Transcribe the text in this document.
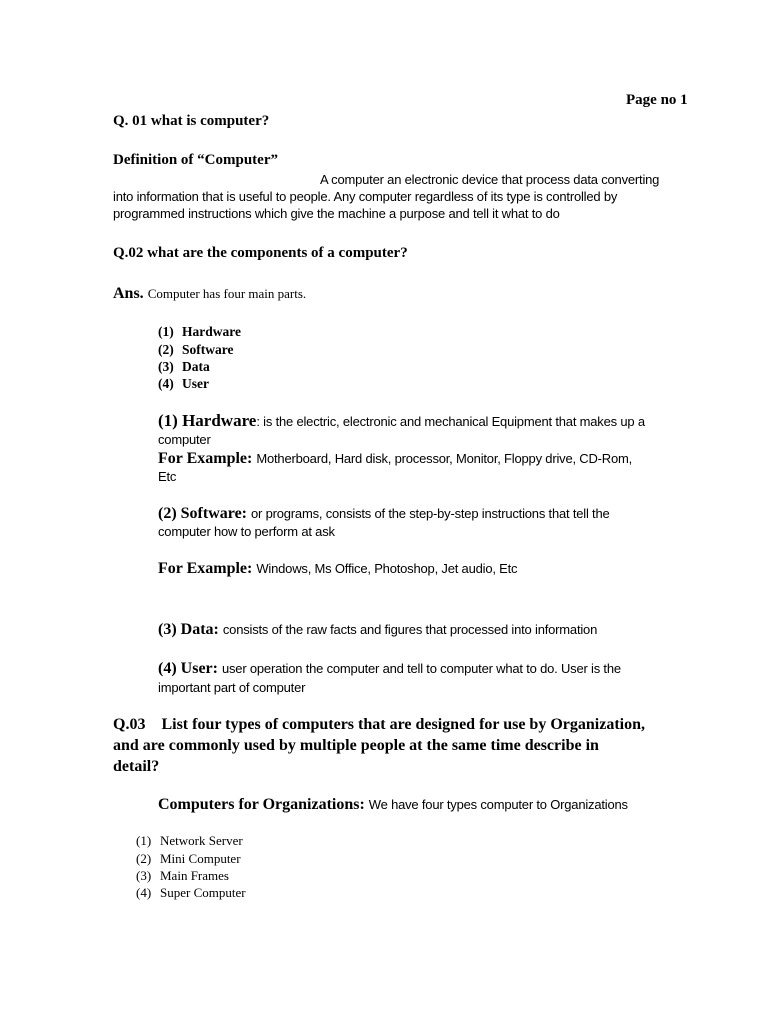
Page no 1
Q. 01 what is computer?
Definition of “Computer”
A computer an electronic device that process data converting
into information that is useful to people. Any computer regardless of its type is controlled by
programmed instructions which give the machine a purpose and tell it what to do
Q.02 what are the components of a computer?
Ans. Computer has four main parts.
(1) Hardware
(2) Software
(3) Data
(4) User
(1) Hardware: is the electric, electronic and mechanical Equipment that makes up a
computer
For Example: Motherboard, Hard disk, processor, Monitor, Floppy drive, CD-Rom,
Etc
(2) Software: or programs, consists of the step-by-step instructions that tell the
computer how to perform at ask
For Example: Windows, Ms Office, Photoshop, Jet audio, Etc
(3) Data: consists of the raw facts and figures that processed into information
(4) User: user operation the computer and tell to computer what to do. User is the
important part of computer
Q.03    List four types of computers that are designed for use by Organization,
and are commonly used by multiple people at the same time describe in
detail?
Computers for Organizations: We have four types computer to Organizations
(1) Network Server
(2) Mini Computer
(3) Main Frames
(4) Super Computer
